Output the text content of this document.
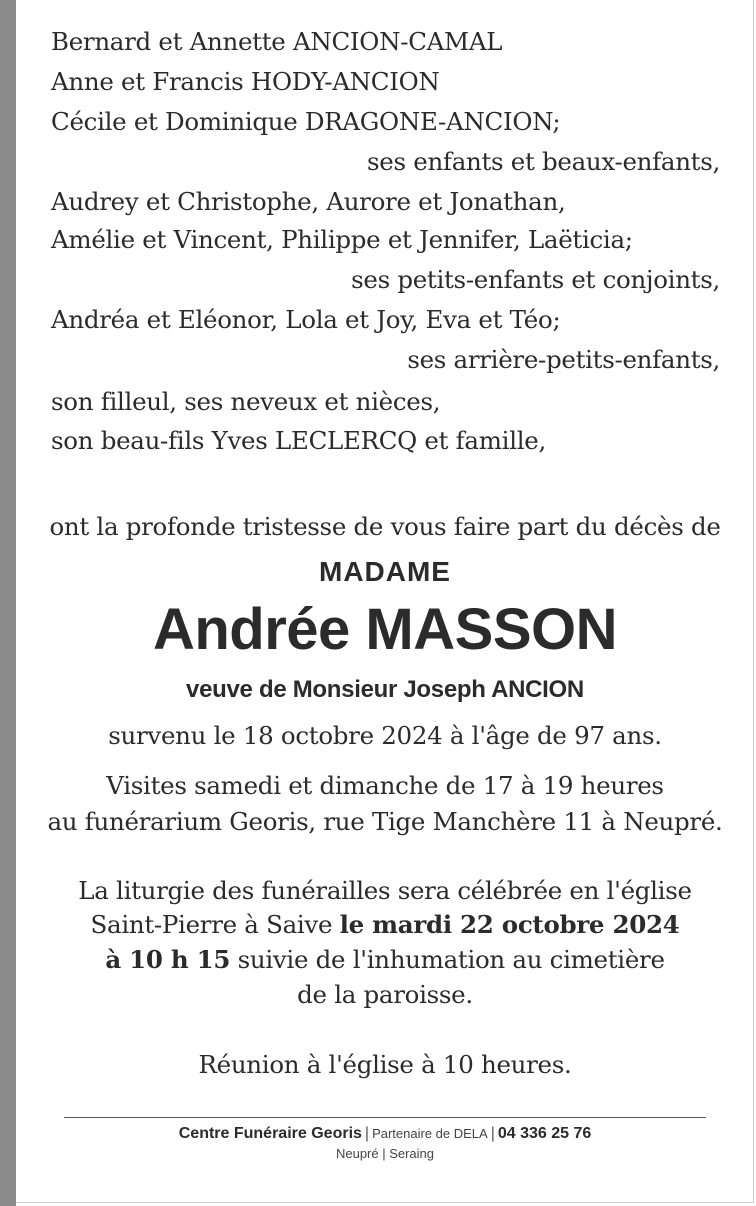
Bernard et Annette ANCION-CAMAL
Anne et Francis HODY-ANCION
Cécile et Dominique DRAGONE-ANCION;
ses enfants et beaux-enfants,
Audrey et Christophe, Aurore et Jonathan,
Amélie et Vincent, Philippe et Jennifer, Laëticia;
ses petits-enfants et conjoints,
Andréa et Eléonor, Lola et Joy, Eva et Téo;
ses arrière-petits-enfants,
son filleul, ses neveux et nièces,
son beau-fils Yves LECLERCQ et famille,
ont la profonde tristesse de vous faire part du décès de
MADAME
Andrée MASSON
veuve de Monsieur Joseph ANCION
survenu le 18 octobre 2024 à l'âge de 97 ans.
Visites samedi et dimanche de 17 à 19 heures
au funérarium Georis, rue Tige Manchère 11 à Neupré.
La liturgie des funérailles sera célébrée en l'église
Saint-Pierre à Saive le mardi 22 octobre 2024
à 10 h 15 suivie de l'inhumation au cimetière
de la paroisse.
Réunion à l'église à 10 heures.
Centre Funéraire Georis | Partenaire de DELA | 04 336 25 76
Neupré | Seraing
